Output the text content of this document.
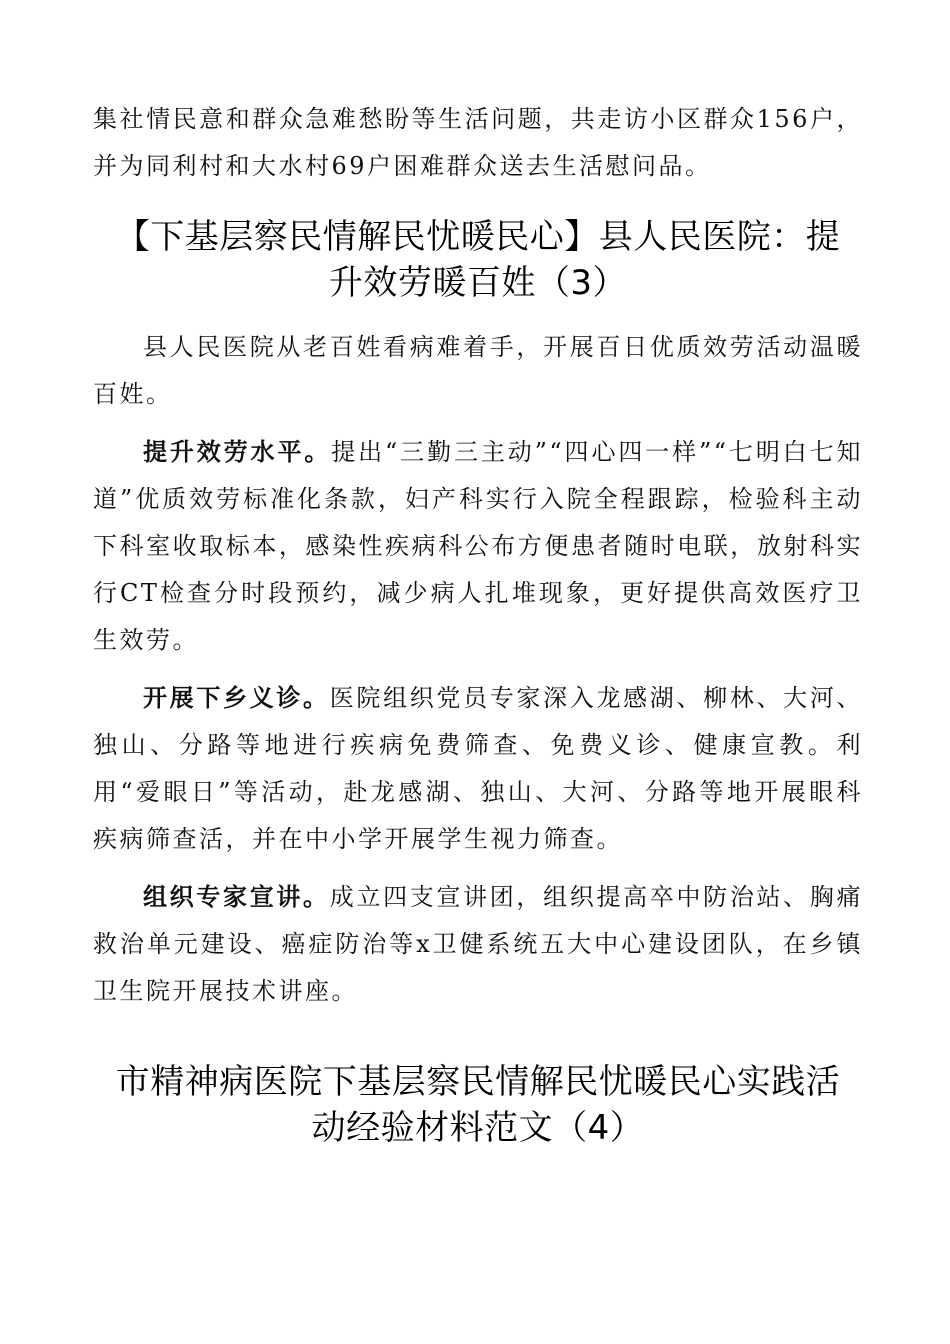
集社情民意和群众急难愁盼等生活问题，共走访小区群众156户，并为同利村和大水村69户困难群众送去生活慰问品。

【下基层察民情解民忧暖民心】县人民医院：提
升效劳暖百姓（3）

县人民医院从老百姓看病难着手，开展百日优质效劳活动温暖百姓。

提升效劳水平。提出“三勤三主动”“四心四一样”“七明白七知道”优质效劳标准化条款，妇产科实行入院全程跟踪，检验科主动下科室收取标本，感染性疾病科公布方便患者随时电联，放射科实行CT检查分时段预约，减少病人扎堆现象，更好提供高效医疗卫生效劳。

开展下乡义诊。医院组织党员专家深入龙感湖、柳林、大河、独山、分路等地进行疾病免费筛查、免费义诊、健康宣教。利用“爱眼日”等活动，赴龙感湖、独山、大河、分路等地开展眼科疾病筛查活，并在中小学开展学生视力筛查。

组织专家宣讲。成立四支宣讲团，组织提高卒中防治站、胸痛救治单元建设、癌症防治等x卫健系统五大中心建设团队，在乡镇卫生院开展技术讲座。

市精神病医院下基层察民情解民忧暖民心实践活
动经验材料范文（4）
